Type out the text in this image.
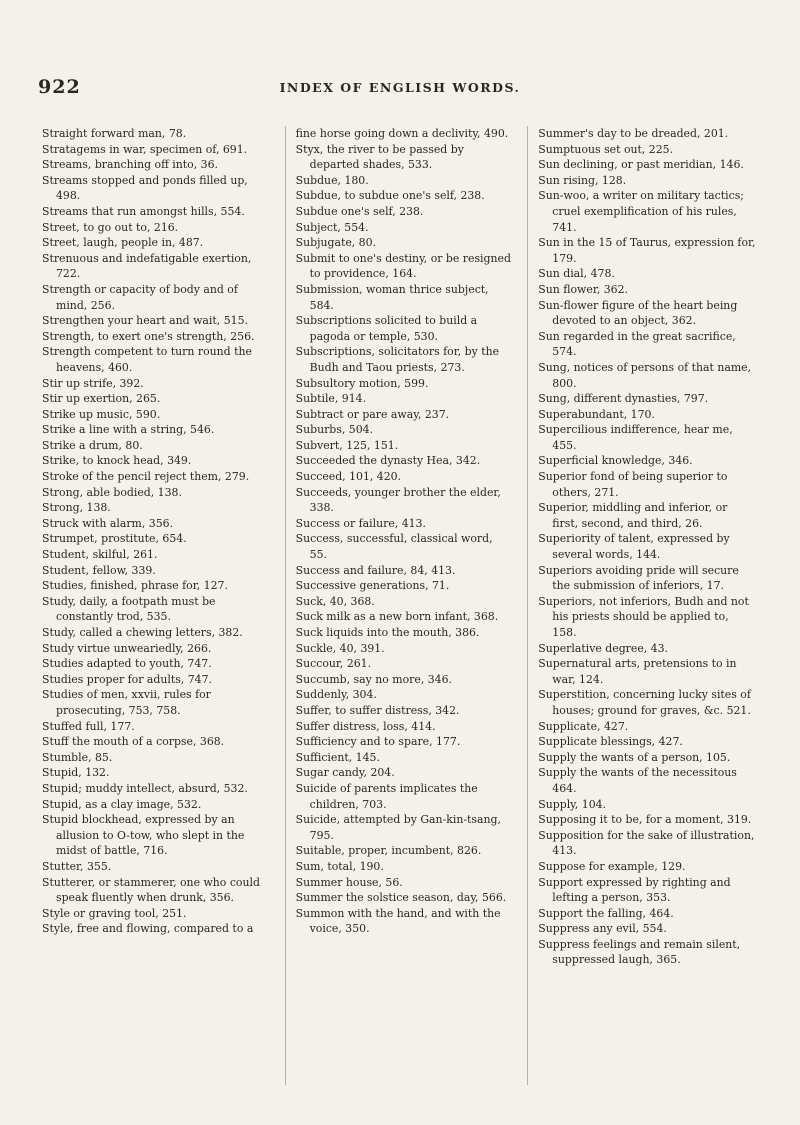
922	INDEX OF ENGLISH WORDS.

Straight forward man, 78.

Stratagems in war, specimen of, 691.

Streams, branching off into, 36.

Streams stopped and ponds filled up, 498.

Streams that run amongst hills, 554.

Street, to go out to, 216.

Street, laugh, people in, 487.

Strenuous and indefatigable exertion, 722.

Strength or capacity of body and of mind, 256.

Strengthen your heart and wait, 515.

Strength, to exert one's strength, 256.

Strength competent to turn round the heavens, 460.

Stir up strife, 392.

Stir up exertion, 265.

Strike up music, 590.

Strike a line with a string, 546.

Strike a drum, 80.

Strike, to knock head, 349.

Stroke of the pencil reject them, 279.

Strong, able bodied, 138.

Strong, 138.

Struck with alarm, 356.

Strumpet, prostitute, 654.

Student, skilful, 261.

Student, fellow, 339.

Studies, finished, phrase for, 127.

Study, daily, a footpath must be constantly trod, 535.

Study, called a chewing letters, 382.

Study virtue unweariedly, 266.

Studies adapted to youth, 747.

Studies proper for adults, 747.

Studies of men, xxvii, rules for prosecuting, 753, 758.

Stuffed full, 177.

Stuff the mouth of a corpse, 368.

Stumble, 85.

Stupid, 132.

Stupid; muddy intellect, absurd, 532.

Stupid, as a clay image, 532.

Stupid blockhead, expressed by an allusion to O-tow, who slept in the midst of battle, 716.

Stutter, 355.

Stutterer, or stammerer, one who could speak fluently when drunk, 356.

Style or graving tool, 251.

Style, free and flowing, compared to a

fine horse going down a declivity, 490.

Styx, the river to be passed by departed shades, 533.

Subdue, 180.

Subdue, to subdue one's self, 238.

Subdue one's self, 238.

Subject, 554.

Subjugate, 80.

Submit to one's destiny, or be resigned to providence, 164.

Submission, woman thrice subject, 584.

Subscriptions solicited to build a pagoda or temple, 530.

Subscriptions, solicitators for, by the Budh and Taou priests, 273.

Subsultory motion, 599.

Subtile, 914.

Subtract or pare away, 237.

Suburbs, 504.

Subvert, 125, 151.

Succeeded the dynasty Hea, 342.

Succeed, 101, 420.

Succeeds, younger brother the elder, 338.

Success or failure, 413.

Success, successful, classical word, 55.

Success and failure, 84, 413.

Successive generations, 71.

Suck, 40, 368.

Suck milk as a new born infant, 368.

Suck liquids into the mouth, 386.

Suckle, 40, 391.

Succour, 261.

Succumb, say no more, 346.

Suddenly, 304.

Suffer, to suffer distress, 342.

Suffer distress, loss, 414.

Sufficiency and to spare, 177.

Sufficient, 145.

Sugar candy, 204.

Suicide of parents implicates the children, 703.

Suicide, attempted by Gan-kin-tsang, 795.

Suitable, proper, incumbent, 826.

Sum, total, 190.

Summer house, 56.

Summer the solstice season, day, 566.

Summon with the hand, and with the voice, 350.

Summer's day to be dreaded, 201.

Sumptuous set out, 225.

Sun declining, or past meridian, 146.

Sun rising, 128.

Sun-woo, a writer on military tactics; cruel exemplification of his rules, 741.

Sun in the 15 of Taurus, expression for, 179.

Sun dial, 478.

Sun flower, 362.

Sun-flower figure of the heart being devoted to an object, 362.

Sun regarded in the great sacrifice, 574.

Sung, notices of persons of that name, 800.

Sung, different dynasties, 797.

Superabundant, 170.

Supercilious indifference, hear me, 455.

Superficial knowledge, 346.

Superior fond of being superior to others, 271.

Superior, middling and inferior, or first, second, and third, 26.

Superiority of talent, expressed by several words, 144.

Superiors avoiding pride will secure the submission of inferiors, 17.

Superiors, not inferiors, Budh and not his priests should be applied to, 158.

Superlative degree, 43.

Supernatural arts, pretensions to in war, 124.

Superstition, concerning lucky sites of houses; ground for graves, &c. 521.

Supplicate, 427.

Supplicate blessings, 427.

Supply the wants of a person, 105.

Supply the wants of the necessitous 464.

Supply, 104.

Supposing it to be, for a moment, 319.

Supposition for the sake of illustration, 413.

Suppose for example, 129.

Support expressed by righting and lefting a person, 353.

Support the falling, 464.

Suppress any evil, 554.

Suppress feelings and remain silent, suppressed laugh, 365.
